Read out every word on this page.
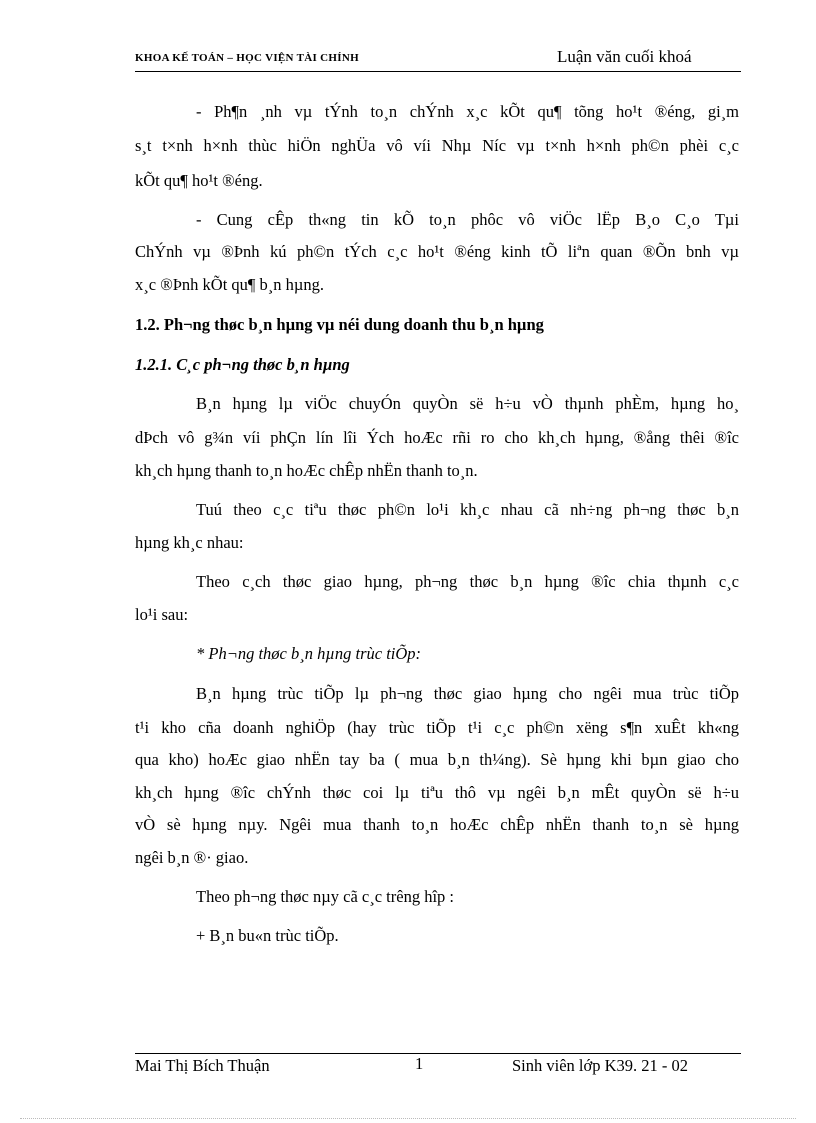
KHOA KẾ TOÁN – HỌC VIỆN TÀI CHÍNH	Luận văn cuối khoá
- Ph¶n ¸nh vµ tÝnh to¸n chÝnh x¸c kÕt qu¶ tõng ho¹t ®éng, gi¸m
s¸t t×nh h×nh thùc hiÖn nghÜa vô víi Nhµ Níc vµ t×nh h×nh ph©n phèi c¸c
kÕt qu¶ ho¹t ®éng.
- Cung cÊp th«ng tin kÕ to¸n phôc vô viÖc lËp B¸o C¸o Tµi
ChÝnh vµ ®Þnh kú ph©n tÝch c¸c ho¹t ®éng kinh tÕ liªn quan ®Õn bnh vµ
x¸c ®Þnh kÕt qu¶ b¸n hµng.
1.2. Ph¬ng thøc b¸n hµng vµ néi dung doanh thu b¸n hµng
1.2.1. C¸c ph¬ng thøc b¸n hµng
B¸n hµng lµ viÖc chuyÓn quyÒn së h÷u vÒ thµnh phÈm, hµng ho¸
dÞch vô g¾n víi phÇn lín lîi Ých hoÆc rñi ro cho kh¸ch hµng, ®ång thêi ®îc
kh¸ch hµng thanh to¸n hoÆc chÊp nhËn thanh to¸n.
Tuú theo c¸c tiªu thøc ph©n lo¹i kh¸c nhau cã nh÷ng ph¬ng thøc b¸n
hµng kh¸c nhau:
Theo c¸ch thøc giao hµng, ph¬ng thøc b¸n hµng ®îc chia thµnh c¸c
lo¹i sau:
* Ph¬ng thøc b¸n hµng trùc tiÕp:
B¸n hµng trùc tiÕp lµ ph¬ng thøc giao hµng cho ngêi mua trùc tiÕp
t¹i kho cña doanh nghiÖp (hay trùc tiÕp t¹i c¸c ph©n xëng s¶n xuÊt kh«ng
qua kho) hoÆc giao nhËn tay ba ( mua b¸n th¼ng). Sè hµng khi bµn giao cho
kh¸ch hµng ®îc chÝnh thøc coi lµ tiªu thô vµ ngêi b¸n mÊt quyÒn së h÷u
vÒ sè hµng nµy. Ngêi mua thanh to¸n hoÆc chÊp nhËn thanh to¸n sè hµng
ngêi b¸n ®· giao.
Theo ph¬ng thøc nµy cã c¸c trêng hîp :
+ B¸n bu«n trùc tiÕp.
Mai Thị Bích Thuận	1	Sinh viên lớp K39. 21 - 02
